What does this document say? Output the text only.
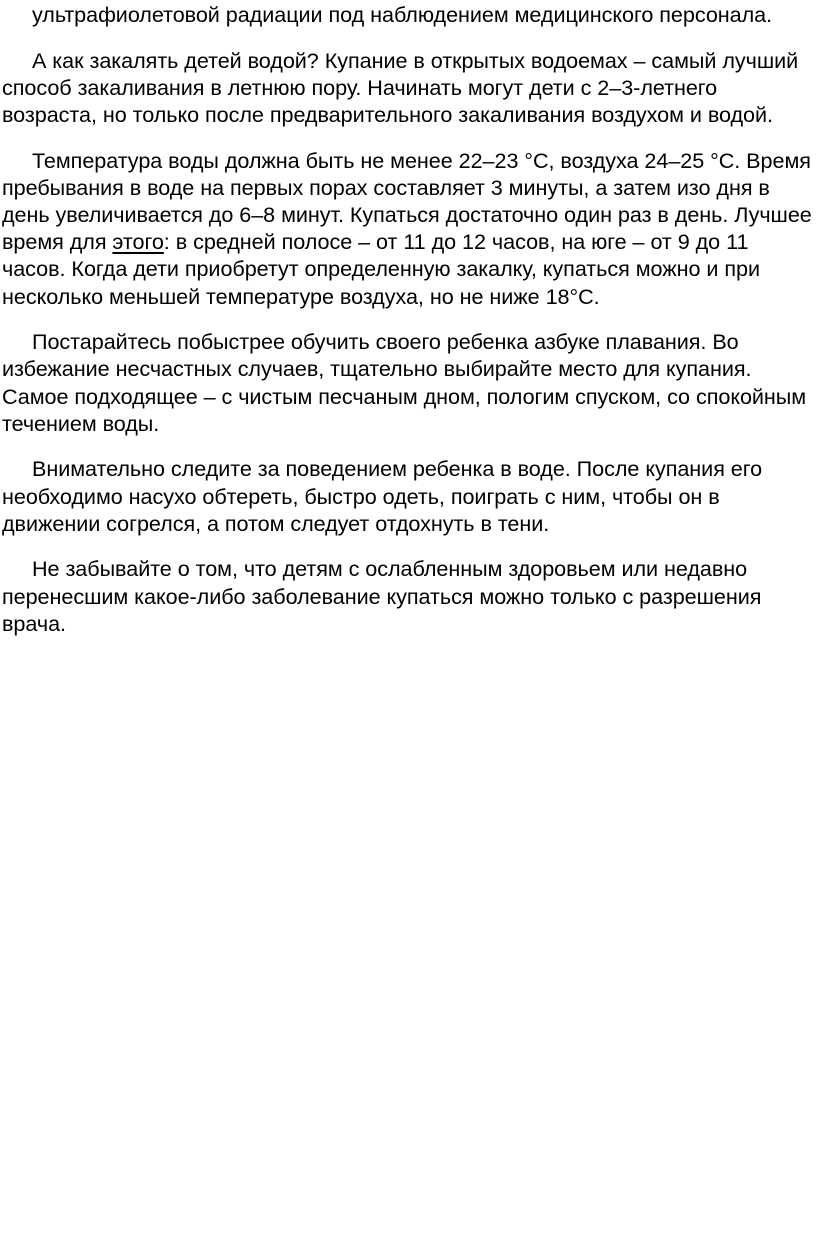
ультрафиолетовой радиации под наблюдением медицинского персонала.

А как закалять детей водой? Купание в открытых водоемах – самый лучший способ закаливания в летнюю пору. Начинать могут дети с 2–3-летнего возраста, но только после предварительного закаливания воздухом и водой.

Температура воды должна быть не менее 22–23 °С, воздуха 24–25 °С. Время пребывания в воде на первых порах составляет 3 минуты, а затем изо дня в день увеличивается до 6–8 минут. Купаться достаточно один раз в день. Лучшее время для этого: в средней полосе – от 11 до 12 часов, на юге – от 9 до 11 часов. Когда дети приобретут определенную закалку, купаться можно и при несколько меньшей температуре воздуха, но не ниже 18°С.

Постарайтесь побыстрее обучить своего ребенка азбуке плавания. Во избежание несчастных случаев, тщательно выбирайте место для купания. Самое подходящее – с чистым песчаным дном, пологим спуском, со спокойным течением воды.

Внимательно следите за поведением ребенка в воде. После купания его необходимо насухо обтереть, быстро одеть, поиграть с ним, чтобы он в движении согрелся, а потом следует отдохнуть в тени.

Не забывайте о том, что детям с ослабленным здоровьем или недавно перенесшим какое-либо заболевание купаться можно только с разрешения врача.
